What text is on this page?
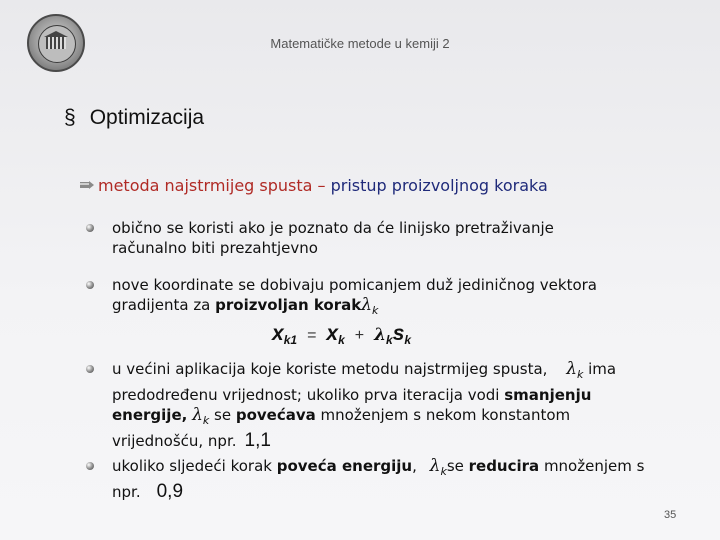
Matematičke metode u kemiji 2
§ Optimizacija
metoda najstrmijeg spusta – pristup proizvoljnog koraka
obično se koristi ako je poznato da će linijsko pretraživanje
računalno biti prezahtjevno
nove koordinate se dobivaju pomicanjem duž jediničnog vektora
gradijenta za proizvoljan korakλ$_k$
$x_{k1} = x_k + \lambda_ks_k$
u većini aplikacija koje koriste metodu najstrmijeg spusta, $\lambda_k$ ima
predodređenu vrijednost; ukoliko prva iteracija vodi smanjenju
energije, $\lambda_k$ se povećava množenjem s nekom konstantom
vrijednošću, npr. 1,1
ukoliko sljedeći korak poveća energiju, $\lambda_kse$ reducira množenjem s
npr. 0,9
35
